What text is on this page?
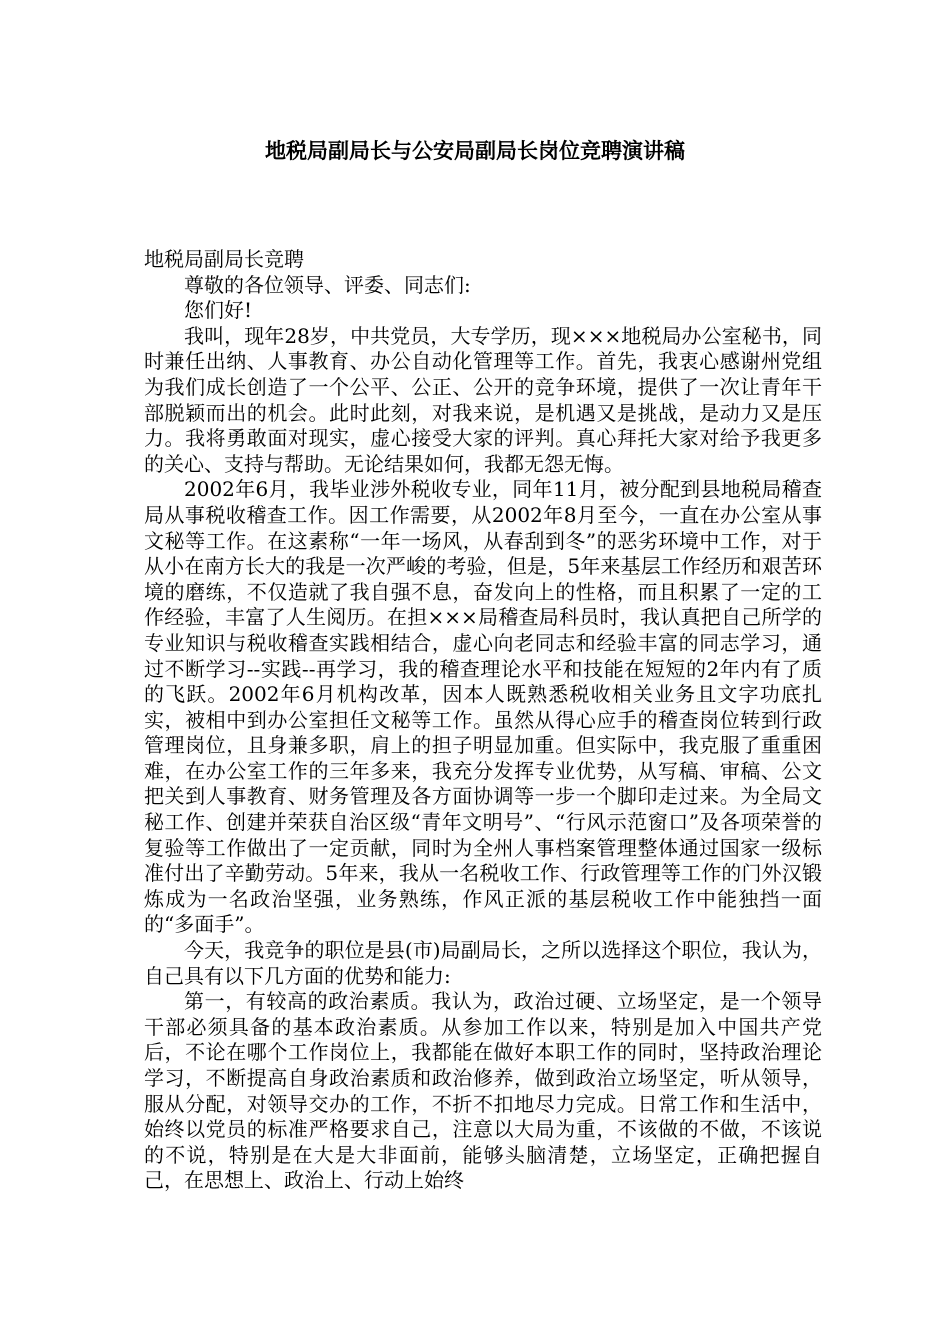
地税局副局长与公安局副局长岗位竞聘演讲稿

地税局副局长竞聘

尊敬的各位领导、评委、同志们:

您们好!

我叫，现年28岁，中共党员，大专学历，现×××地税局办公室秘书，同时兼任出纳、人事教育、办公自动化管理等工作。首先，我衷心感谢州党组为我们成长创造了一个公平、公正、公开的竞争环境，提供了一次让青年干部脱颖而出的机会。此时此刻，对我来说，是机遇又是挑战，是动力又是压力。我将勇敢面对现实，虚心接受大家的评判。真心拜托大家对给予我更多的关心、支持与帮助。无论结果如何，我都无怨无悔。

2002年6月，我毕业涉外税收专业，同年11月，被分配到县地税局稽查局从事税收稽查工作。因工作需要，从2002年8月至今，一直在办公室从事文秘等工作。在这素称“一年一场风，从春刮到冬”的恶劣环境中工作，对于从小在南方长大的我是一次严峻的考验，但是，5年来基层工作经历和艰苦环境的磨练，不仅造就了我自强不息，奋发向上的性格，而且积累了一定的工作经验，丰富了人生阅历。在担×××局稽查局科员时，我认真把自己所学的专业知识与税收稽查实践相结合，虚心向老同志和经验丰富的同志学习，通过不断学习--实践--再学习，我的稽查理论水平和技能在短短的2年内有了质的飞跃。2002年6月机构改革，因本人既熟悉税收相关业务且文字功底扎实，被相中到办公室担任文秘等工作。虽然从得心应手的稽查岗位转到行政管理岗位，且身兼多职，肩上的担子明显加重。但实际中，我克服了重重困难，在办公室工作的三年多来，我充分发挥专业优势，从写稿、审稿、公文把关到人事教育、财务管理及各方面协调等一步一个脚印走过来。为全局文秘工作、创建并荣获自治区级“青年文明号”、“行风示范窗口”及各项荣誉的复验等工作做出了一定贡献，同时为全州人事档案管理整体通过国家一级标准付出了辛勤劳动。5年来，我从一名税收工作、行政管理等工作的门外汉锻炼成为一名政治坚强，业务熟练，作风正派的基层税收工作中能独挡一面的“多面手”。

今天，我竞争的职位是县(市)局副局长，之所以选择这个职位，我认为，自己具有以下几方面的优势和能力:

第一，有较高的政治素质。我认为，政治过硬、立场坚定，是一个领导干部必须具备的基本政治素质。从参加工作以来，特别是加入中国共产党后，不论在哪个工作岗位上，我都能在做好本职工作的同时，坚持政治理论学习，不断提高自身政治素质和政治修养，做到政治立场坚定，听从领导，服从分配，对领导交办的工作，不折不扣地尽力完成。日常工作和生活中，始终以党员的标准严格要求自己，注意以大局为重，不该做的不做，不该说的不说，特别是在大是大非面前，能够头脑清楚，立场坚定，正确把握自己，在思想上、政治上、行动上始终
